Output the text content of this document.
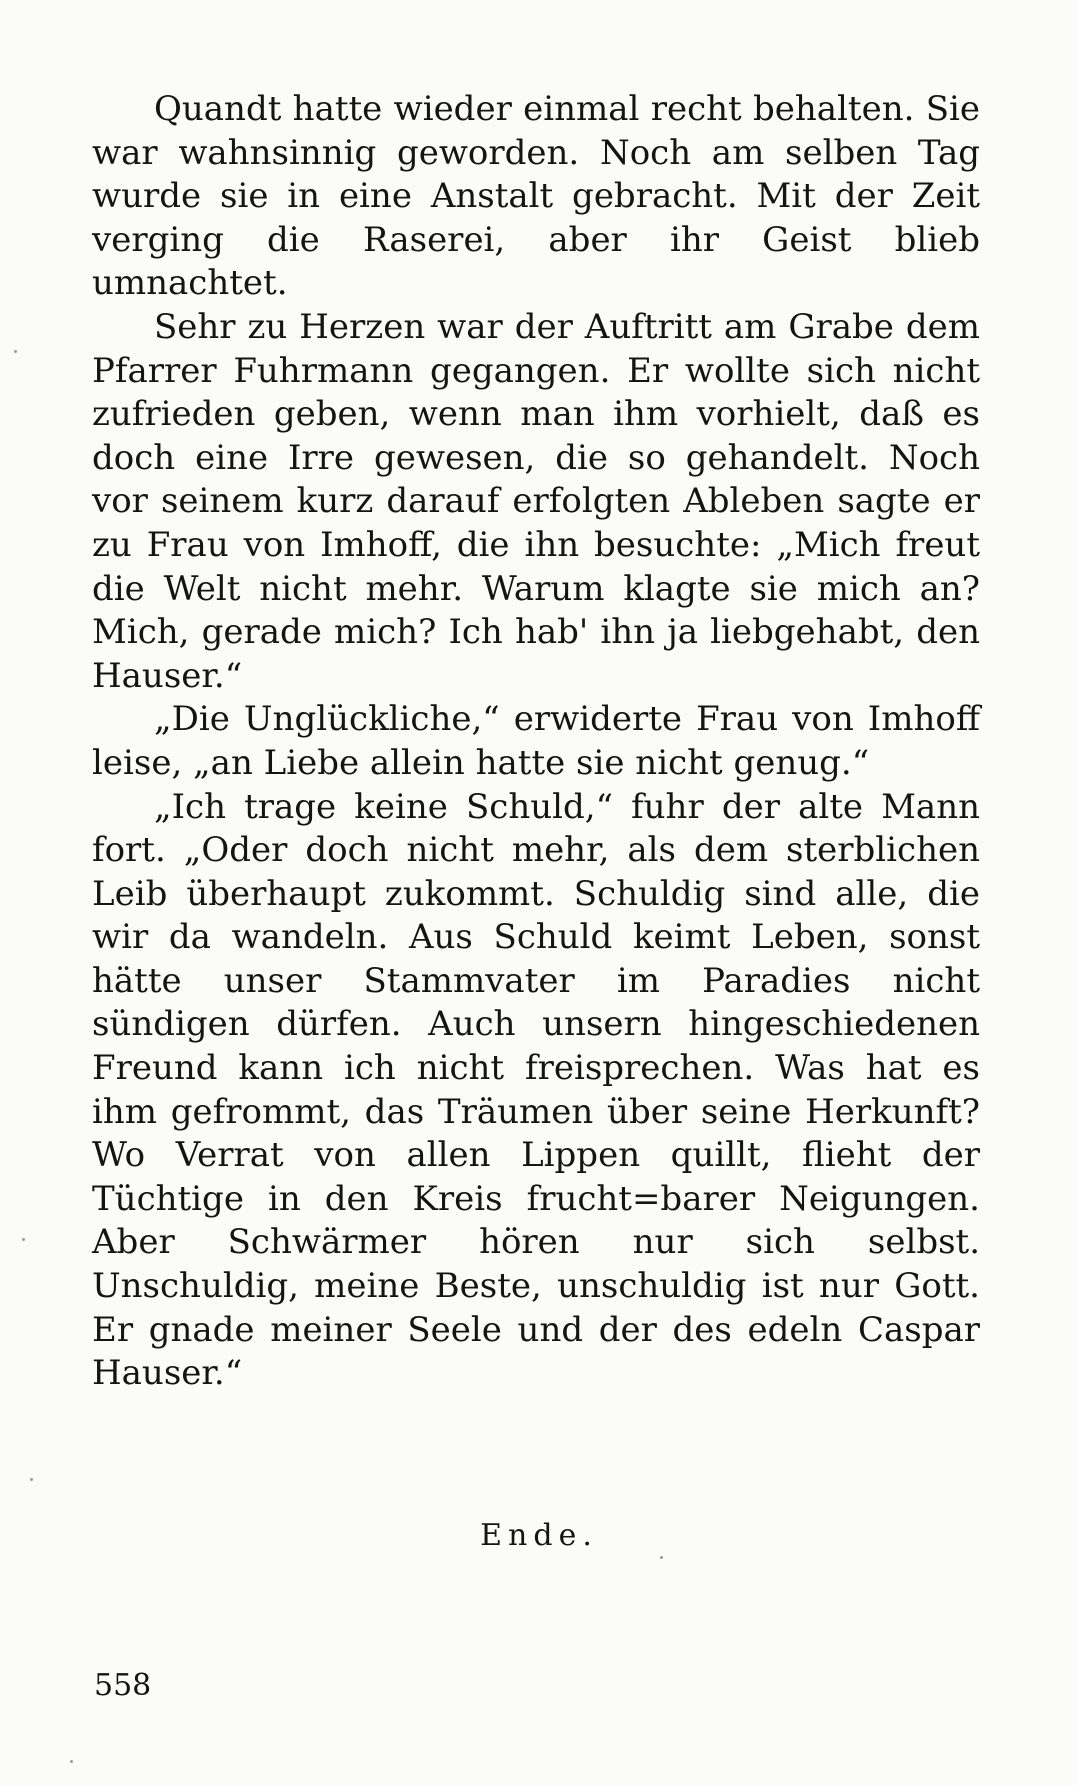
Quandt hatte wieder einmal recht behalten. Sie war wahnsinnig geworden. Noch am selben Tag wurde sie in eine Anstalt gebracht. Mit der Zeit verging die Raserei, aber ihr Geist blieb umnachtet.

Sehr zu Herzen war der Auftritt am Grabe dem Pfarrer Fuhrmann gegangen. Er wollte sich nicht zufrieden geben, wenn man ihm vorhielt, daß es doch eine Irre gewesen, die so gehandelt. Noch vor seinem kurz darauf erfolgten Ableben sagte er zu Frau von Imhoff, die ihn besuchte: „Mich freut die Welt nicht mehr. Warum klagte sie mich an? Mich, gerade mich? Ich hab' ihn ja liebgehabt, den Hauser.“

„Die Unglückliche,“ erwiderte Frau von Imhoff leise, „an Liebe allein hatte sie nicht genug.“

„Ich trage keine Schuld,“ fuhr der alte Mann fort. „Oder doch nicht mehr, als dem sterblichen Leib überhaupt zukommt. Schuldig sind alle, die wir da wandeln. Aus Schuld keimt Leben, sonst hätte unser Stammvater im Paradies nicht sündigen dürfen. Auch unsern hingeschiedenen Freund kann ich nicht freisprechen. Was hat es ihm gefrommt, das Träumen über seine Herkunft? Wo Verrat von allen Lippen quillt, flieht der Tüchtige in den Kreis frucht=barer Neigungen. Aber Schwärmer hören nur sich selbst. Unschuldig, meine Beste, unschuldig ist nur Gott. Er gnade meiner Seele und der des edeln Caspar Hauser.“

Ende.
558
